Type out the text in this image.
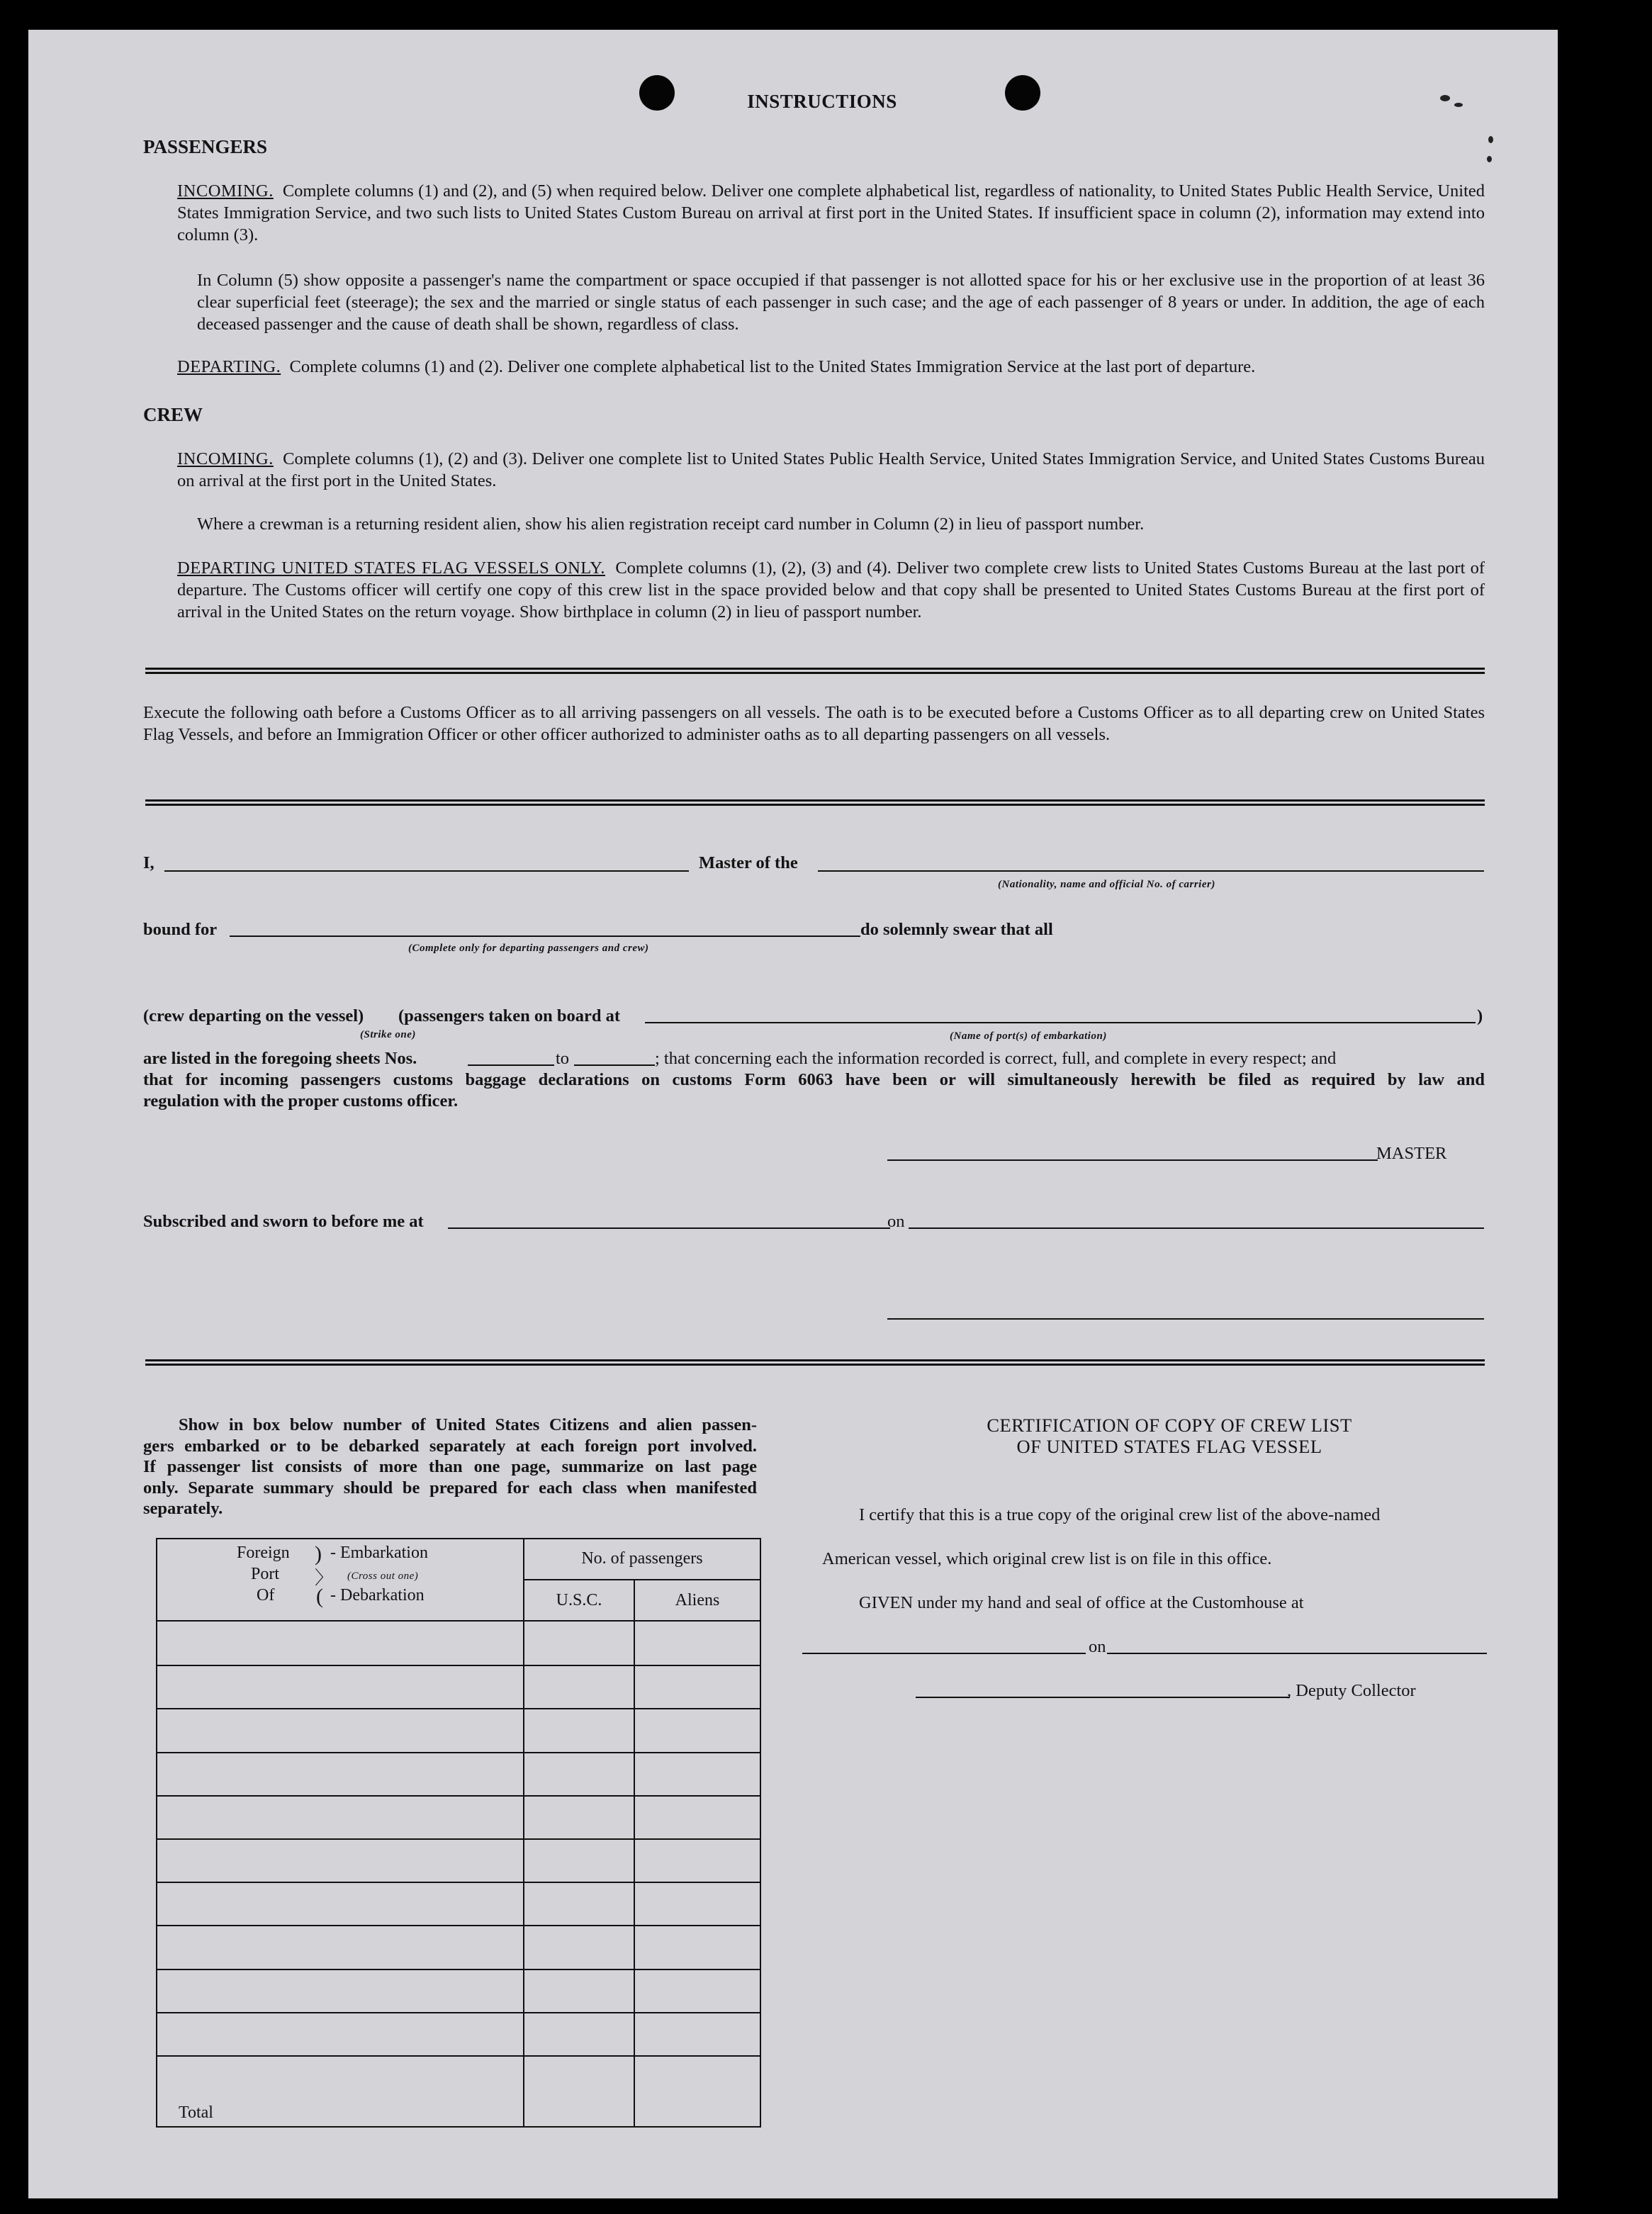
INSTRUCTIONS
PASSENGERS
INCOMING. Complete columns (1) and (2), and (5) when required below. Deliver one complete alphabetical list, regardless of nationality, to United States Public Health Service, United States Immigration Service, and two such lists to United States Custom Bureau on arrival at first port in the United States. If insufficient space in column (2), information may extend into column (3).
In Column (5) show opposite a passenger's name the compartment or space occupied if that passenger is not allotted space for his or her exclusive use in the proportion of at least 36 clear superficial feet (steerage); the sex and the married or single status of each passenger in such case; and the age of each passenger of 8 years or under. In addition, the age of each deceased passenger and the cause of death shall be shown, regardless of class.
DEPARTING. Complete columns (1) and (2). Deliver one complete alphabetical list to the United States Immigration Service at the last port of departure.
CREW
INCOMING. Complete columns (1), (2) and (3). Deliver one complete list to United States Public Health Service, United States Immigration Service, and United States Customs Bureau on arrival at the first port in the United States.
Where a crewman is a returning resident alien, show his alien registration receipt card number in Column (2) in lieu of passport number.
DEPARTING UNITED STATES FLAG VESSELS ONLY. Complete columns (1), (2), (3) and (4). Deliver two complete crew lists to United States Customs Bureau at the last port of departure. The Customs officer will certify one copy of this crew list in the space provided below and that copy shall be presented to United States Customs Bureau at the first port of arrival in the United States on the return voyage. Show birthplace in column (2) in lieu of passport number.
Execute the following oath before a Customs Officer as to all arriving passengers on all vessels. The oath is to be executed before a Customs Officer as to all departing crew on United States Flag Vessels, and before an Immigration Officer or other officer authorized to administer oaths as to all departing passengers on all vessels.
I,	Master of the
(Nationality, name and official No. of carrier)
bound for	do solemnly swear that all
(Complete only for departing passengers and crew)
(crew departing on the vessel)
(Strike one)
(passengers taken on board at	)
(Name of port(s) of embarkation)
are listed in the foregoing sheets Nos.	to	; that concerning each the information recorded is correct, full, and complete in every respect; and
that for incoming passengers customs baggage declarations on customs Form 6063 have been or will simultaneously herewith be filed as required by law and
regulation with the proper customs officer.
MASTER
Subscribed and sworn to before me at	on
Show in box below number of United States Citizens and alien passen-
gers embarked or to be debarked separately at each foreign port involved.
If passenger list consists of more than one page, summarize on last page
only. Separate summary should be prepared for each class when manifested
separately.
Foreign
Port
Of
)
〉
(
- Embarkation
(Cross out one)
- Debarkation
No. of passengers
U.S.C.	Aliens
Total
CERTIFICATION OF COPY OF CREW LIST
OF UNITED STATES FLAG VESSEL
I certify that this is a true copy of the original crew list of the above-named
American vessel, which original crew list is on file in this office.
GIVEN under my hand and seal of office at the Customhouse at
on
, Deputy Collector
